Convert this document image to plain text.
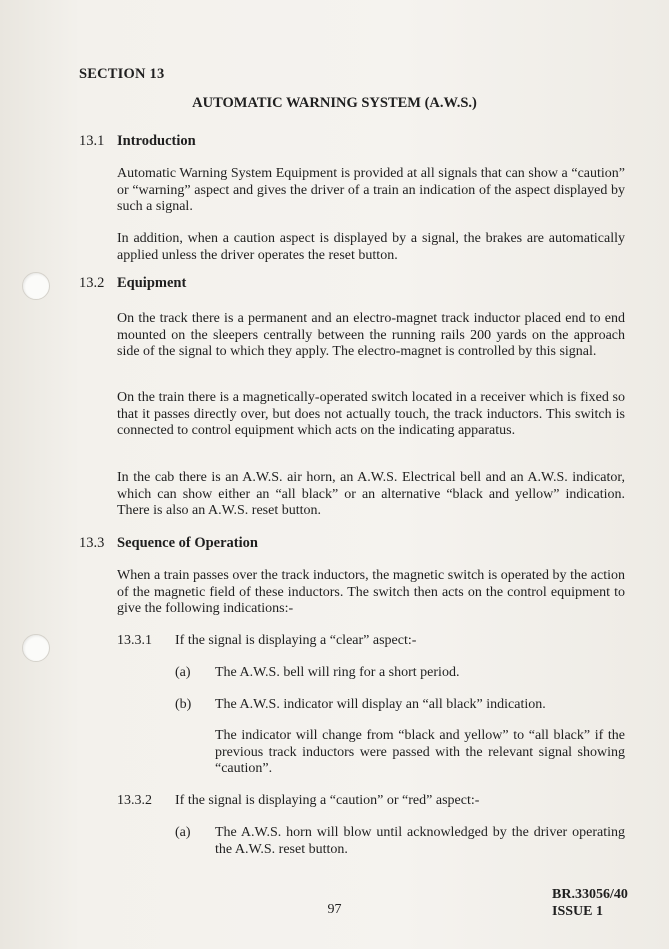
SECTION 13
AUTOMATIC WARNING SYSTEM (A.W.S.)
13.1 Introduction
Automatic Warning System Equipment is provided at all signals that can show a “caution” or “warning” aspect and gives the driver of a train an indication of the aspect displayed by such a signal.
In addition, when a caution aspect is displayed by a signal, the brakes are automatically applied unless the driver operates the reset button.
13.2 Equipment
On the track there is a permanent and an electro-magnet track inductor placed end to end mounted on the sleepers centrally between the running rails 200 yards on the approach side of the signal to which they apply. The electro-magnet is controlled by this signal.
On the train there is a magnetically-operated switch located in a receiver which is fixed so that it passes directly over, but does not actually touch, the track inductors. This switch is connected to control equipment which acts on the indicating apparatus.
In the cab there is an A.W.S. air horn, an A.W.S. Electrical bell and an A.W.S. indicator, which can show either an “all black” or an alternative “black and yellow” indication. There is also an A.W.S. reset button.
13.3 Sequence of Operation
When a train passes over the track inductors, the magnetic switch is operated by the action of the magnetic field of these inductors. The switch then acts on the control equipment to give the following indications:-
13.3.1 If the signal is displaying a “clear” aspect:-
(a)	The A.W.S. bell will ring for a short period.
(b)	The A.W.S. indicator will display an “all black” indication.
The indicator will change from “black and yellow” to “all black” if the previous track inductors were passed with the relevant signal showing “caution”.
13.3.2 If the signal is displaying a “caution” or “red” aspect:-
(a)	The A.W.S. horn will blow until acknowledged by the driver operating the A.W.S. reset button.
BR.33056/40
ISSUE 1
97
